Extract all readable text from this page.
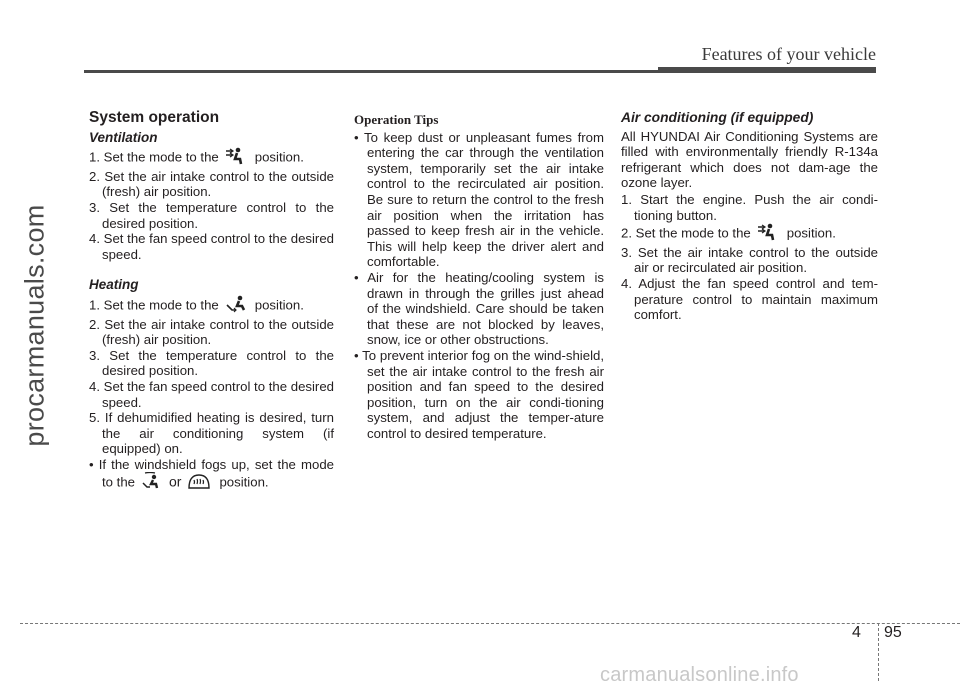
Features of your vehicle
procarmanuals.com
System operation
Ventilation
1. Set the mode to the	position.
2. Set the air intake control to the outside (fresh) air position.
3. Set the temperature control to the desired position.
4. Set the fan speed control to the desired speed.
Heating
1. Set the mode to the	position.
2. Set the air intake control to the outside (fresh) air position.
3. Set the temperature control to the desired position.
4. Set the fan speed control to the desired speed.
5. If dehumidified heating is desired, turn the air conditioning system (if equipped) on.
• If the windshield fogs up, set the mode to the or	position.
Operation Tips
• To keep dust or unpleasant fumes from entering the car through the ventilation system, temporarily set the air intake control to the recirculated air position. Be sure to return the control to the fresh air position when the irritation has passed to keep fresh air in the vehicle. This will help keep the driver alert and comfortable.
• Air for the heating/cooling system is drawn in through the grilles just ahead of the windshield. Care should be taken that these are not blocked by leaves, snow, ice or other obstructions.
• To prevent interior fog on the wind-shield, set the air intake control to the fresh air position and fan speed to the desired position, turn on the air condi-tioning system, and adjust the temper-ature control to desired temperature.
Air conditioning (if equipped)
All HYUNDAI Air Conditioning Systems are filled with environmentally friendly R-134a refrigerant which does not dam-age the ozone layer.
1. Start the engine. Push the air condi-tioning button.
2. Set the mode to the	position.
3. Set the air intake control to the outside air or recirculated air position.
4. Adjust the fan speed control and tem-perature control to maintain maximum comfort.
4 95
carmanualsonline.info
